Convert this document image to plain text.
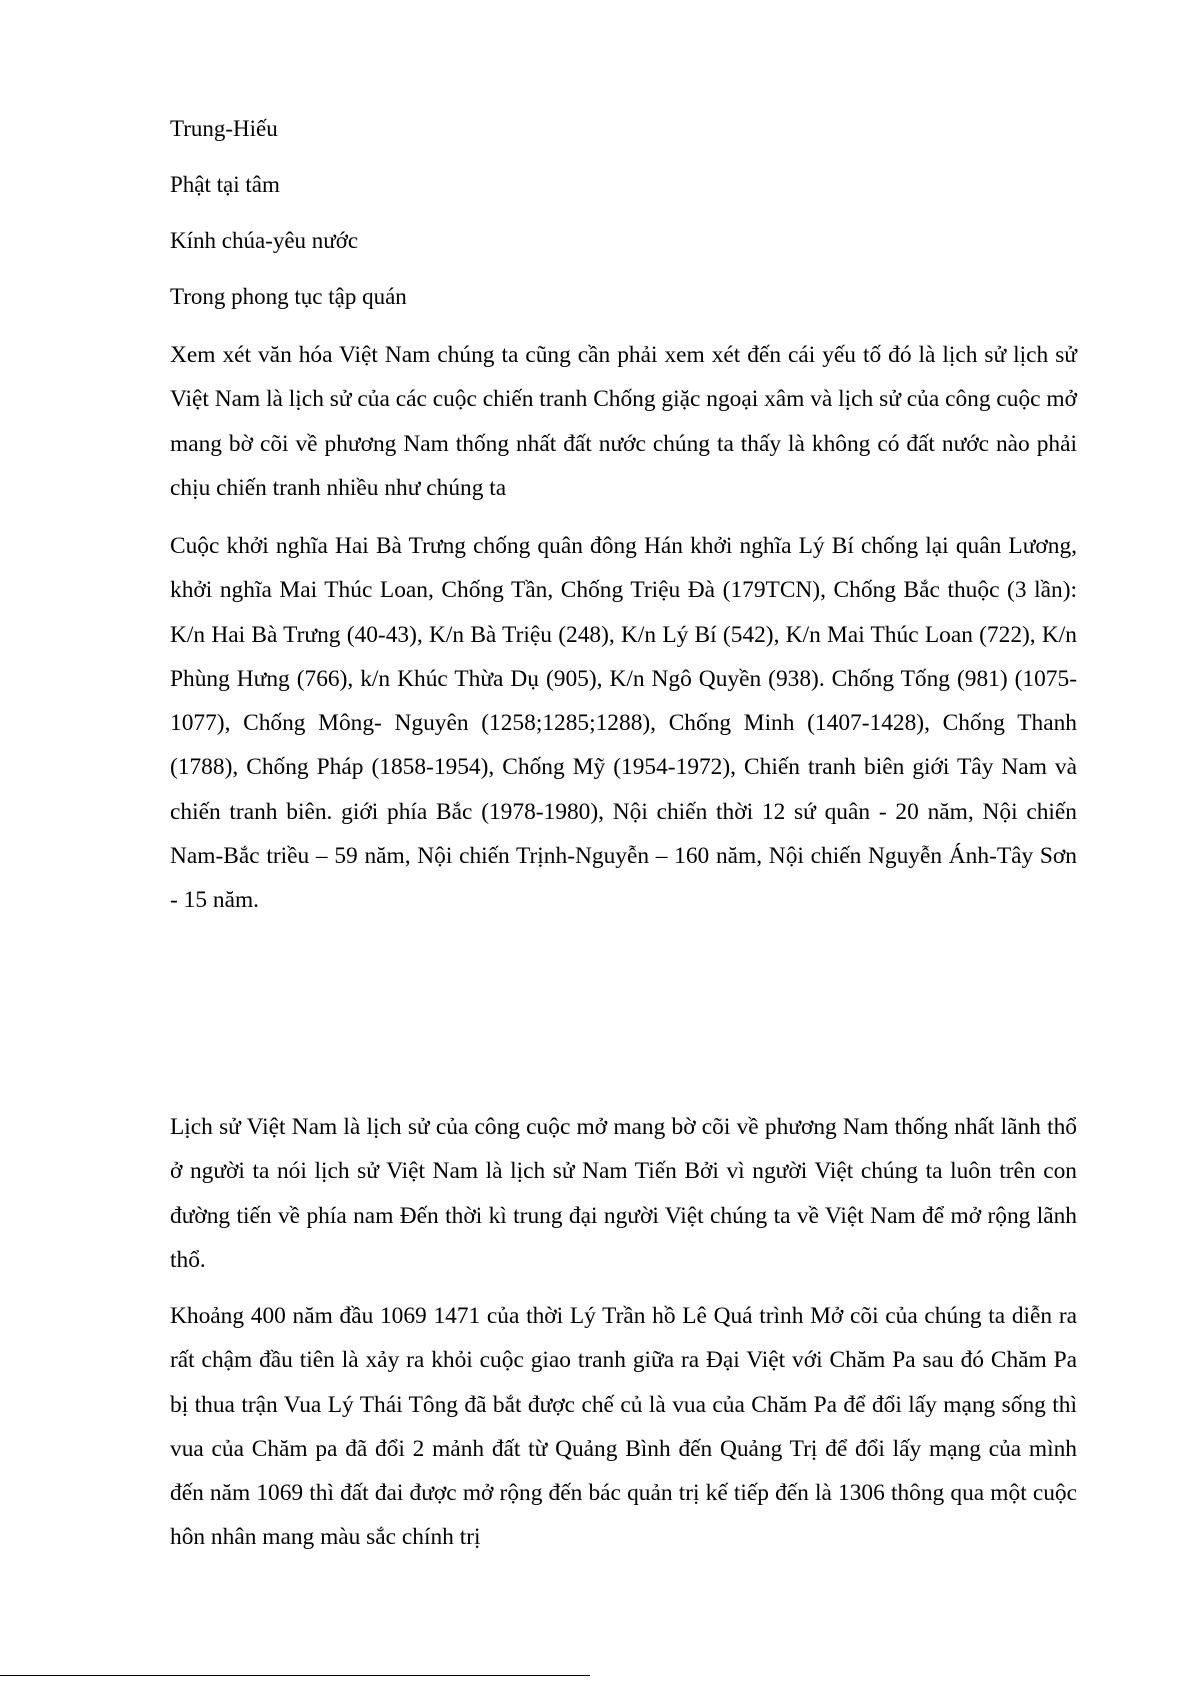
Trung-Hiếu

Phật tại tâm

Kính chúa-yêu nước

Trong phong tục tập quán

Xem xét văn hóa Việt Nam chúng ta cũng cần phải xem xét đến cái yếu tố đó là lịch sử lịch sử Việt Nam là lịch sử của các cuộc chiến tranh Chống giặc ngoại xâm và lịch sử của công cuộc mở mang bờ cõi về phương Nam thống nhất đất nước chúng ta thấy là không có đất nước nào phải chịu chiến tranh nhiều như chúng ta

Cuộc khởi nghĩa Hai Bà Trưng chống quân đông Hán khởi nghĩa Lý Bí chống lại quân Lương, khởi nghĩa Mai Thúc Loan, Chống Tần, Chống Triệu Đà (179TCN), Chống Bắc thuộc (3 lần): K/n Hai Bà Trưng (40-43), K/n Bà Triệu (248), K/n Lý Bí (542), K/n Mai Thúc Loan (722), K/n Phùng Hưng (766), k/n Khúc Thừa Dụ (905), K/n Ngô Quyền (938). Chống Tống (981) (1075-1077), Chống Mông- Nguyên (1258;1285;1288), Chống Minh (1407-1428), Chống Thanh (1788), Chống Pháp (1858-1954), Chống Mỹ (1954-1972), Chiến tranh biên giới Tây Nam và chiến tranh biên. giới phía Bắc (1978-1980), Nội chiến thời 12 sứ quân - 20 năm, Nội chiến Nam-Bắc triều – 59 năm, Nội chiến Trịnh-Nguyễn – 160 năm, Nội chiến Nguyễn Ánh-Tây Sơn - 15 năm.

Lịch sử Việt Nam là lịch sử của công cuộc mở mang bờ cõi về phương Nam thống nhất lãnh thổ ở người ta nói lịch sử Việt Nam là lịch sử Nam Tiến Bởi vì người Việt chúng ta luôn trên con đường tiến về phía nam Đến thời kì trung đại người Việt chúng ta về Việt Nam để mở rộng lãnh thổ.

Khoảng 400 năm đầu 1069 1471 của thời Lý Trần hồ Lê Quá trình Mở cõi của chúng ta diễn ra rất chậm đầu tiên là xảy ra khỏi cuộc giao tranh giữa ra Đại Việt với Chăm Pa sau đó Chăm Pa bị thua trận Vua Lý Thái Tông đã bắt được chế củ là vua của Chăm Pa để đổi lấy mạng sống thì vua của Chăm pa đã đổi 2 mảnh đất từ Quảng Bình đến Quảng Trị để đổi lấy mạng của mình đến năm 1069 thì đất đai được mở rộng đến bác quản trị kế tiếp đến là 1306 thông qua một cuộc hôn nhân mang màu sắc chính trị
